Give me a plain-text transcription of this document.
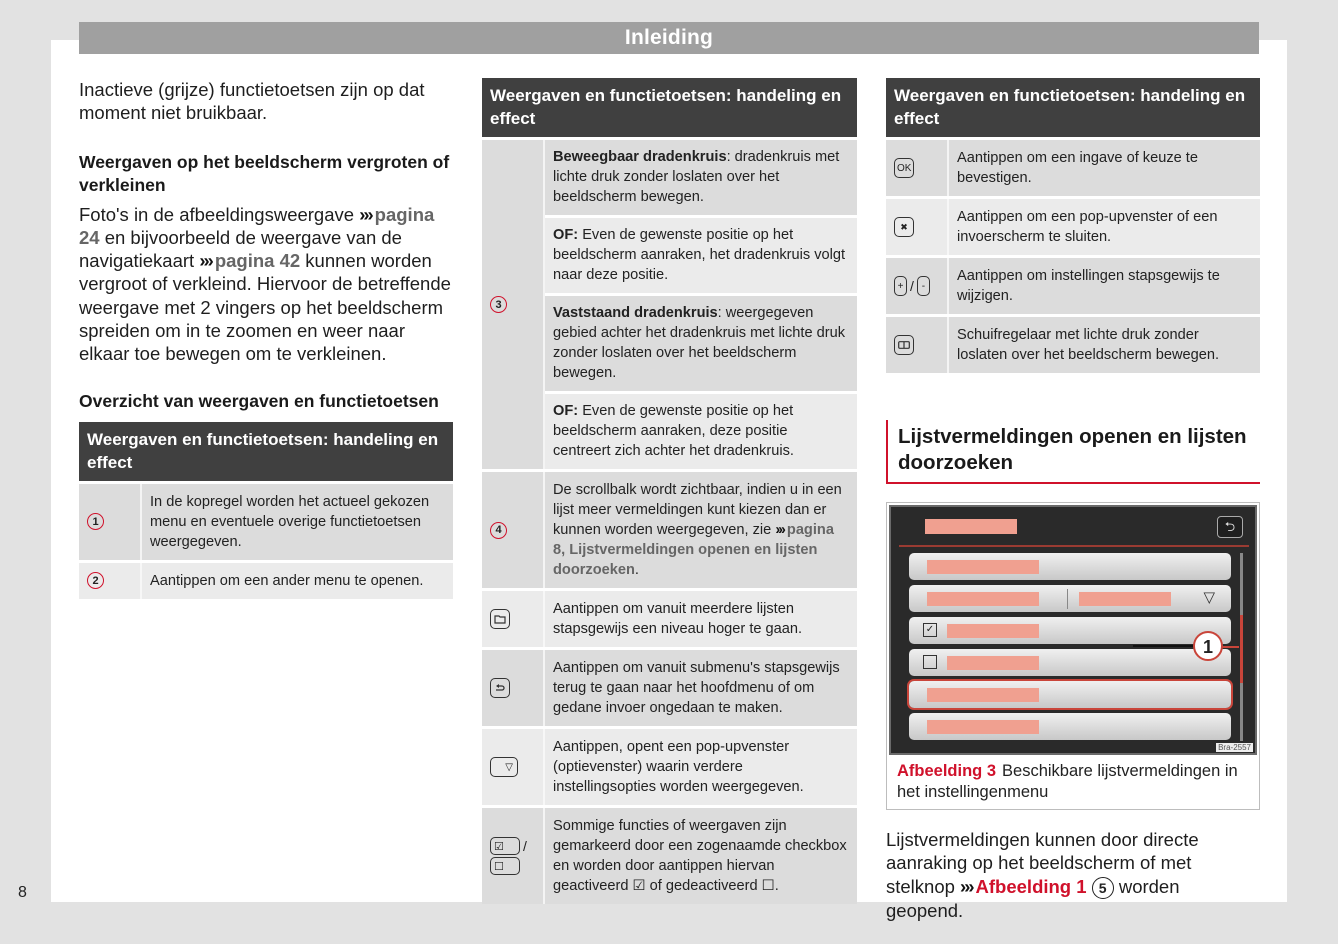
Inleiding
8

Inactieve (grijze) functietoetsen zijn op dat moment niet bruikbaar.

Weergaven op het beeldscherm vergroten of verkleinen

Foto's in de afbeeldingsweergave ››› pagina 24 en bijvoorbeeld de weergave van de navigatiekaart ››› pagina 42 kunnen worden vergroot of verkleind. Hiervoor de betreffende weergave met 2 vingers op het beeldscherm spreiden om in te zoomen en weer naar elkaar toe bewegen om te verkleinen.

Overzicht van weergaven en functietoetsen
Weergaven en functietoetsen: handeling en effect
1
In de kopregel worden het actueel gekozen menu en eventuele overige functietoetsen weergegeven.
2	Aantippen om een ander menu te openen.
Weergaven en functietoetsen: handeling en effect
3
Beweegbaar dradenkruis: dradenkruis met lichte druk zonder loslaten over het beeldscherm bewegen.
OF: Even de gewenste positie op het beeldscherm aanraken, het dradenkruis volgt naar deze positie.
Vaststaand dradenkruis: weergegeven gebied achter het dradenkruis met lichte druk zonder loslaten over het beeldscherm bewegen.
OF: Even de gewenste positie op het beeldscherm aanraken, deze positie centreert zich achter het dradenkruis.
4
De scrollbalk wordt zichtbaar, indien u in een lijst meer vermeldingen kunt kiezen dan er kunnen worden weergegeven, zie ››› pagina 8, Lijstvermeldingen openen en lijsten doorzoeken.
Aantippen om vanuit meerdere lijsten stapsgewijs een niveau hoger te gaan.
Aantippen om vanuit submenu's stapsgewijs terug te gaan naar het hoofdmenu of om gedane invoer ongedaan te maken.
▽
Aantippen, opent een pop-upvenster (optievenster) waarin verdere instellingsopties worden weergegeven.
☑	/
☐
Sommige functies of weergaven zijn gemarkeerd door een zogenaamde checkbox en worden door aantippen hiervan geactiveerd ☑ of gedeactiveerd ☐.
Weergaven en functietoetsen: handeling en effect
OK
Aantippen om een ingave of keuze te bevestigen.
✖
Aantippen om een pop-upvenster of een invoerscherm te sluiten.
+ / -
Aantippen om instellingen stapsgewijs te wijzigen.
Schuifregelaar met lichte druk zonder loslaten over het beeldscherm bewegen.
Lijstvermeldingen openen en lijsten doorzoeken
⮌
▽
✓
1
Bra-2557
Afbeelding 3 Beschikbare lijstvermeldingen in het instellingenmenu

Lijstvermeldingen kunnen door directe aanraking op het beeldscherm of met stelknop ››› Afbeelding 1 5 worden geopend.
